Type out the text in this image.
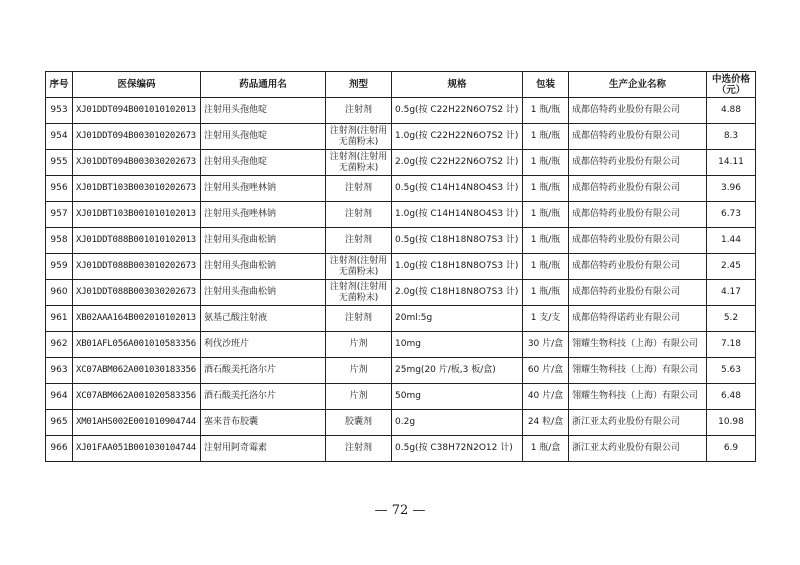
序号	医保编码	药品通用名	剂型	规格	包装	生产企业名称	中选价格（元）
953	XJ01DDT094B001010102013	注射用头孢他啶	注射剂	0.5g(按 C22H22N6O7S2 计)	1 瓶/瓶	成都倍特药业股份有限公司	4.88
954	XJ01DDT094B003010202673	注射用头孢他啶	注射剂(注射用无菌粉末)	1.0g(按 C22H22N6O7S2 计)	1 瓶/瓶	成都倍特药业股份有限公司	8.3
955	XJ01DDT094B003030202673	注射用头孢他啶	注射剂(注射用无菌粉末)	2.0g(按 C22H22N6O7S2 计)	1 瓶/瓶	成都倍特药业股份有限公司	14.11
956	XJ01DBT103B003010202673	注射用头孢唑林钠	注射剂	0.5g(按 C14H14N8O4S3 计)	1 瓶/瓶	成都倍特药业股份有限公司	3.96
957	XJ01DBT103B001010102013	注射用头孢唑林钠	注射剂	1.0g(按 C14H14N8O4S3 计)	1 瓶/瓶	成都倍特药业股份有限公司	6.73
958	XJ01DDT088B001010102013	注射用头孢曲松钠	注射剂	0.5g(按 C18H18N8O7S3 计)	1 瓶/瓶	成都倍特药业股份有限公司	1.44
959	XJ01DDT088B003010202673	注射用头孢曲松钠	注射剂(注射用无菌粉末)	1.0g(按 C18H18N8O7S3 计)	1 瓶/瓶	成都倍特药业股份有限公司	2.45
960	XJ01DDT088B003030202673	注射用头孢曲松钠	注射剂(注射用无菌粉末)	2.0g(按 C18H18N8O7S3 计)	1 瓶/瓶	成都倍特药业股份有限公司	4.17
961	XB02AAA164B002010102013	氨基己酸注射液	注射剂	20ml:5g	1 支/支	成都倍特得诺药业有限公司	5.2
962	XB01AFL056A001010583356	利伐沙班片	片剂	10mg	30 片/盒	翎耀生物科技（上海）有限公司	7.18
963	XC07ABM062A001030183356	酒石酸美托洛尔片	片剂	25mg(20 片/板,3 板/盒)	60 片/盒	翎耀生物科技（上海）有限公司	5.63
964	XC07ABM062A001020583356	酒石酸美托洛尔片	片剂	50mg	40 片/盒	翎耀生物科技（上海）有限公司	6.48
965	XM01AHS002E001010904744	塞来昔布胶囊	胶囊剂	0.2g	24 粒/盒	浙江亚太药业股份有限公司	10.98
966	XJ01FAA051B001030104744	注射用阿奇霉素	注射剂	0.5g(按 C38H72N2O12 计)	1 瓶/盒	浙江亚太药业股份有限公司	6.9
— 72 —
